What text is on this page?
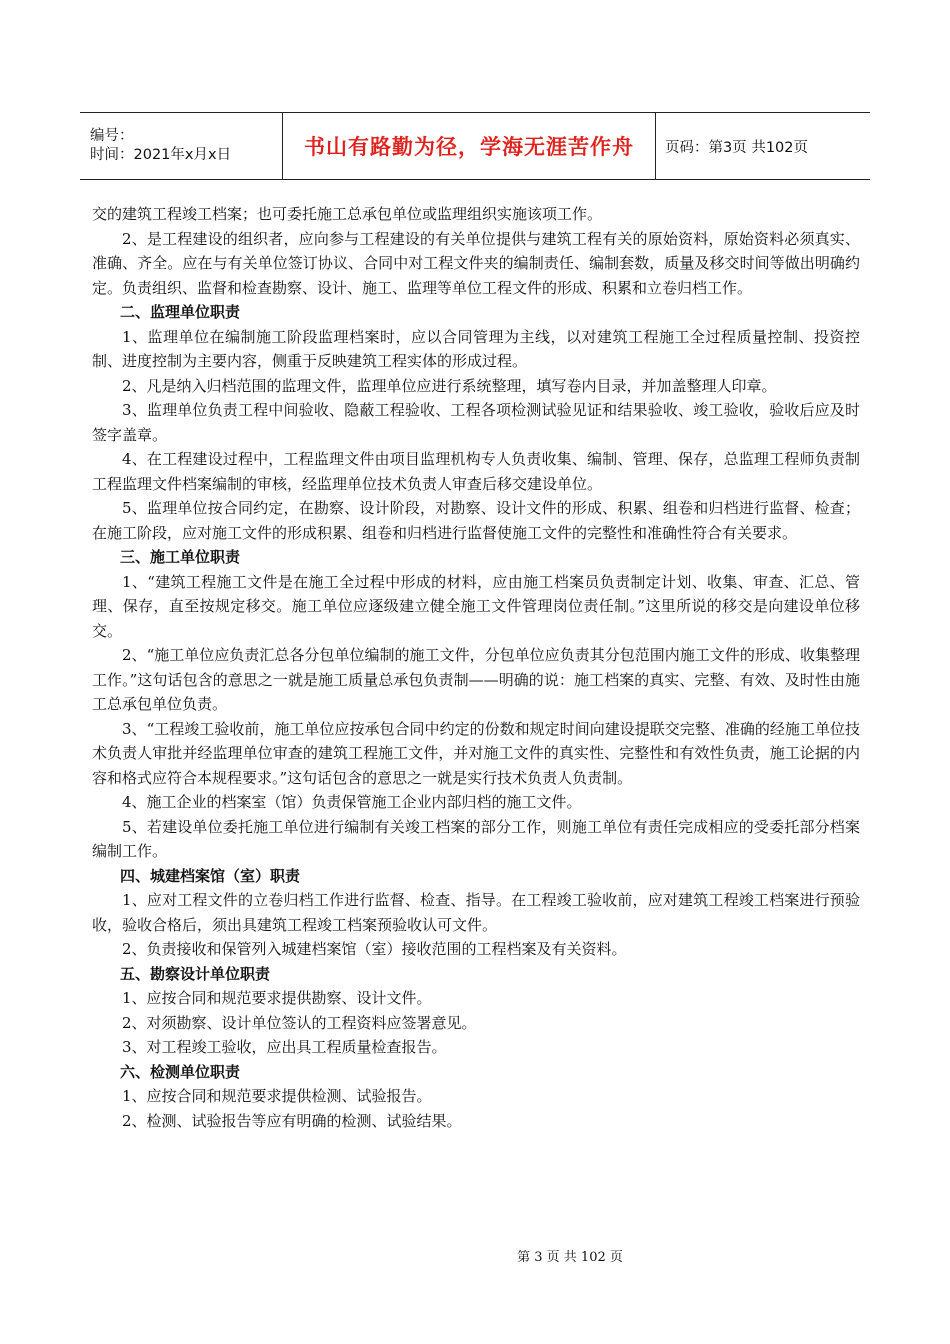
编号：
时间：2021年x月x日	书山有路勤为径，学海无涯苦作舟 页码：第3页 共102页

交的建筑工程竣工档案；也可委托施工总承包单位或监理组织实施该项工作。

2、是工程建设的组织者，应向参与工程建设的有关单位提供与建筑工程有关的原始资料，原始资料必须真实、准确、齐全。应在与有关单位签订协议、合同中对工程文件夹的编制责任、编制套数，质量及移交时间等做出明确约定。负责组织、监督和检查勘察、设计、施工、监理等单位工程文件的形成、积累和立卷归档工作。

二、监理单位职责

1、监理单位在编制施工阶段监理档案时，应以合同管理为主线，以对建筑工程施工全过程质量控制、投资控制、进度控制为主要内容，侧重于反映建筑工程实体的形成过程。

2、凡是纳入归档范围的监理文件，监理单位应进行系统整理，填写卷内目录，并加盖整理人印章。

3、监理单位负责工程中间验收、隐蔽工程验收、工程各项检测试验见证和结果验收、竣工验收，验收后应及时签字盖章。

4、在工程建设过程中，工程监理文件由项目监理机构专人负责收集、编制、管理、保存，总监理工程师负责制工程监理文件档案编制的审核，经监理单位技术负责人审查后移交建设单位。

5、监理单位按合同约定，在勘察、设计阶段，对勘察、设计文件的形成、积累、组卷和归档进行监督、检查；在施工阶段，应对施工文件的形成积累、组卷和归档进行监督使施工文件的完整性和准确性符合有关要求。

三、施工单位职责

1、“建筑工程施工文件是在施工全过程中形成的材料，应由施工档案员负责制定计划、收集、审查、汇总、管理、保存，直至按规定移交。施工单位应逐级建立健全施工文件管理岗位责任制。”这里所说的移交是向建设单位移交。

2、“施工单位应负责汇总各分包单位编制的施工文件，分包单位应负责其分包范围内施工文件的形成、收集整理工作。”这句话包含的意思之一就是施工质量总承包负责制——明确的说：施工档案的真实、完整、有效、及时性由施工总承包单位负责。

3、“工程竣工验收前，施工单位应按承包合同中约定的份数和规定时间向建设提联交完整、准确的经施工单位技术负责人审批并经监理单位审查的建筑工程施工文件，并对施工文件的真实性、完整性和有效性负责，施工论据的内容和格式应符合本规程要求。”这句话包含的意思之一就是实行技术负责人负责制。

4、施工企业的档案室（馆）负责保管施工企业内部归档的施工文件。

5、若建设单位委托施工单位进行编制有关竣工档案的部分工作，则施工单位有责任完成相应的受委托部分档案编制工作。

四、城建档案馆（室）职责

1、应对工程文件的立卷归档工作进行监督、检查、指导。在工程竣工验收前，应对建筑工程竣工档案进行预验收，验收合格后，须出具建筑工程竣工档案预验收认可文件。

2、负责接收和保管列入城建档案馆（室）接收范围的工程档案及有关资料。

五、勘察设计单位职责

1、应按合同和规范要求提供勘察、设计文件。

2、对须勘察、设计单位签认的工程资料应签署意见。

3、对工程竣工验收，应出具工程质量检查报告。

六、检测单位职责

1、应按合同和规范要求提供检测、试验报告。

2、检测、试验报告等应有明确的检测、试验结果。

第 3 页 共 102 页
